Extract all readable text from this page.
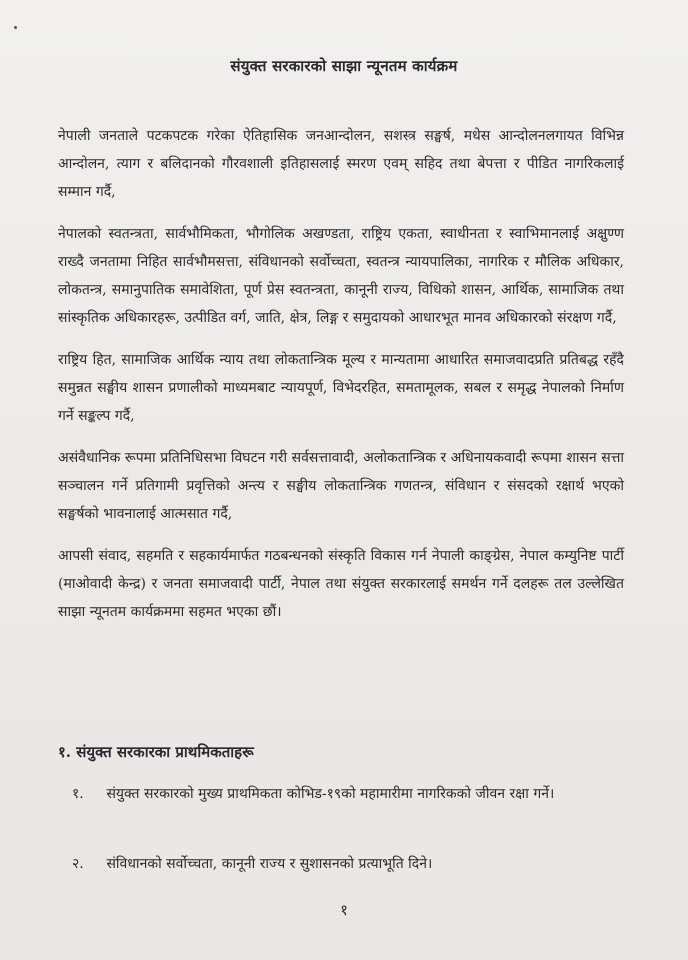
संयुक्त सरकारको साझा न्यूनतम कार्यक्रम

नेपाली जनताले पटकपटक गरेका ऐतिहासिक जनआन्दोलन, सशस्त्र सङ्घर्ष, मधेस आन्दोलनलगायत विभिन्न आन्दोलन, त्याग र बलिदानको गौरवशाली इतिहासलाई स्मरण एवम् सहिद तथा बेपत्ता र पीडित नागरिकलाई सम्मान गर्दै,

नेपालको स्वतन्त्रता, सार्वभौमिकता, भौगोलिक अखण्डता, राष्ट्रिय एकता, स्वाधीनता र स्वाभिमानलाई अक्षुण्ण राख्दै जनतामा निहित सार्वभौमसत्ता, संविधानको सर्वोच्चता, स्वतन्त्र न्यायपालिका, नागरिक र मौलिक अधिकार, लोकतन्त्र, समानुपातिक समावेशिता, पूर्ण प्रेस स्वतन्त्रता, कानूनी राज्य, विधिको शासन, आर्थिक, सामाजिक तथा सांस्कृतिक अधिकारहरू, उत्पीडित वर्ग, जाति, क्षेत्र, लिङ्ग र समुदायको आधारभूत मानव अधिकारको संरक्षण गर्दै,

राष्ट्रिय हित, सामाजिक आर्थिक न्याय तथा लोकतान्त्रिक मूल्य र मान्यतामा आधारित समाजवादप्रति प्रतिबद्ध रहँदै समुन्नत सङ्घीय शासन प्रणालीको माध्यमबाट न्यायपूर्ण, विभेदरहित, समतामूलक, सबल र समृद्ध नेपालको निर्माण गर्ने सङ्कल्प गर्दै,

असंवैधानिक रूपमा प्रतिनिधिसभा विघटन गरी सर्वसत्तावादी, अलोकतान्त्रिक र अधिनायकवादी रूपमा शासन सत्ता सञ्चालन गर्ने प्रतिगामी प्रवृत्तिको अन्त्य र सङ्घीय लोकतान्त्रिक गणतन्त्र, संविधान र संसदको रक्षार्थ भएको सङ्घर्षको भावनालाई आत्मसात गर्दै,

आपसी संवाद, सहमति र सहकार्यमार्फत गठबन्धनको संस्कृति विकास गर्न नेपाली काङ्ग्रेस, नेपाल कम्युनिष्ट पार्टी (माओवादी केन्द्र) र जनता समाजवादी पार्टी, नेपाल तथा संयुक्त सरकारलाई समर्थन गर्ने दलहरू तल उल्लेखित साझा न्यूनतम कार्यक्रममा सहमत भएका छौं।

१. संयुक्त सरकारका प्राथमिकताहरू
१. संयुक्त सरकारको मुख्य प्राथमिकता कोभिड-१९को महामारीमा नागरिकको जीवन रक्षा गर्ने।
२. संविधानको सर्वोच्चता, कानूनी राज्य र सुशासनको प्रत्याभूति दिने।
१
